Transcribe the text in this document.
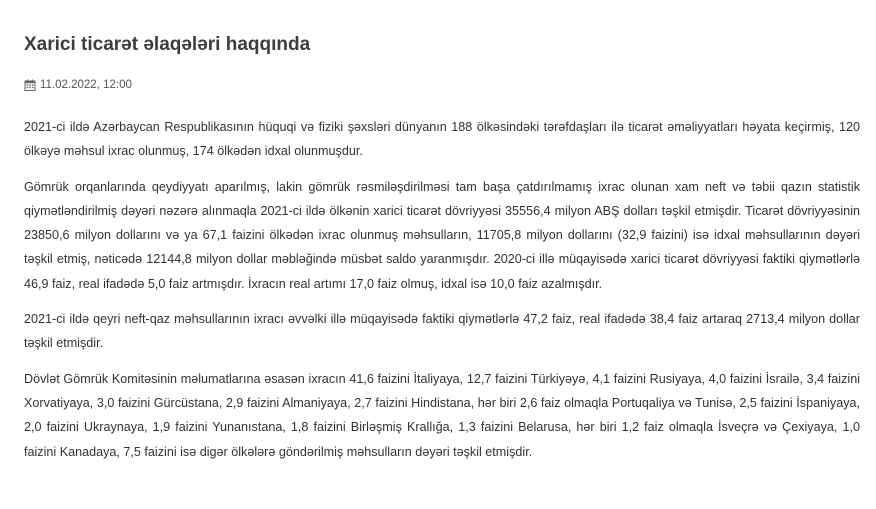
Xarici ticarət əlaqələri haqqında
11.02.2022, 12:00

2021-ci ildə Azərbaycan Respublikasının hüquqi və fiziki şəxsləri dünyanın 188 ölkəsindəki tərəfdaşları ilə ticarət əməliyyatları həyata keçirmiş, 120 ölkəyə məhsul ixrac olunmuş, 174 ölkədən idxal olunmuşdur.

Gömrük orqanlarında qeydiyyatı aparılmış, lakin gömrük rəsmiləşdirilməsi tam başa çatdırılmamış ixrac olunan xam neft və təbii qazın statistik qiymətləndirilmiş dəyəri nəzərə alınmaqla 2021-ci ildə ölkənin xarici ticarət dövriyyəsi 35556,4 milyon ABŞ dolları təşkil etmişdir. Ticarət dövriyyəsinin 23850,6 milyon dollarını və ya 67,1 faizini ölkədən ixrac olunmuş məhsulların, 11705,8 milyon dollarını (32,9 faizini) isə idxal məhsullarının dəyəri təşkil etmiş, nəticədə 12144,8 milyon dollar məbləğində müsbət saldo yaranmışdır. 2020-ci illə müqayisədə xarici ticarət dövriyyəsi faktiki qiymətlərlə 46,9 faiz, real ifadədə 5,0 faiz artmışdır. İxracın real artımı 17,0 faiz olmuş, idxal isə 10,0 faiz azalmışdır.

2021-ci ildə qeyri neft-qaz məhsullarının ixracı əvvəlki illə müqayisədə faktiki qiymətlərlə 47,2 faiz, real ifadədə 38,4 faiz artaraq 2713,4 milyon dollar təşkil etmişdir.

Dövlət Gömrük Komitəsinin məlumatlarına əsasən ixracın 41,6 faizini İtaliyaya, 12,7 faizini Türkiyəyə, 4,1 faizini Rusiyaya, 4,0 faizini İsrailə, 3,4 faizini Xorvatiyaya, 3,0 faizini Gürcüstana, 2,9 faizini Almaniyaya, 2,7 faizini Hindistana, hər biri 2,6 faiz olmaqla Portuqaliya və Tunisə, 2,5 faizini İspaniyaya, 2,0 faizini Ukraynaya, 1,9 faizini Yunanıstana, 1,8 faizini Birləşmiş Krallığa, 1,3 faizini Belarusa, hər biri 1,2 faiz olmaqla İsveçrə və Çexiyaya, 1,0 faizini Kanadaya, 7,5 faizini isə digər ölkələrə göndərilmiş məhsulların dəyəri təşkil etmişdir.
